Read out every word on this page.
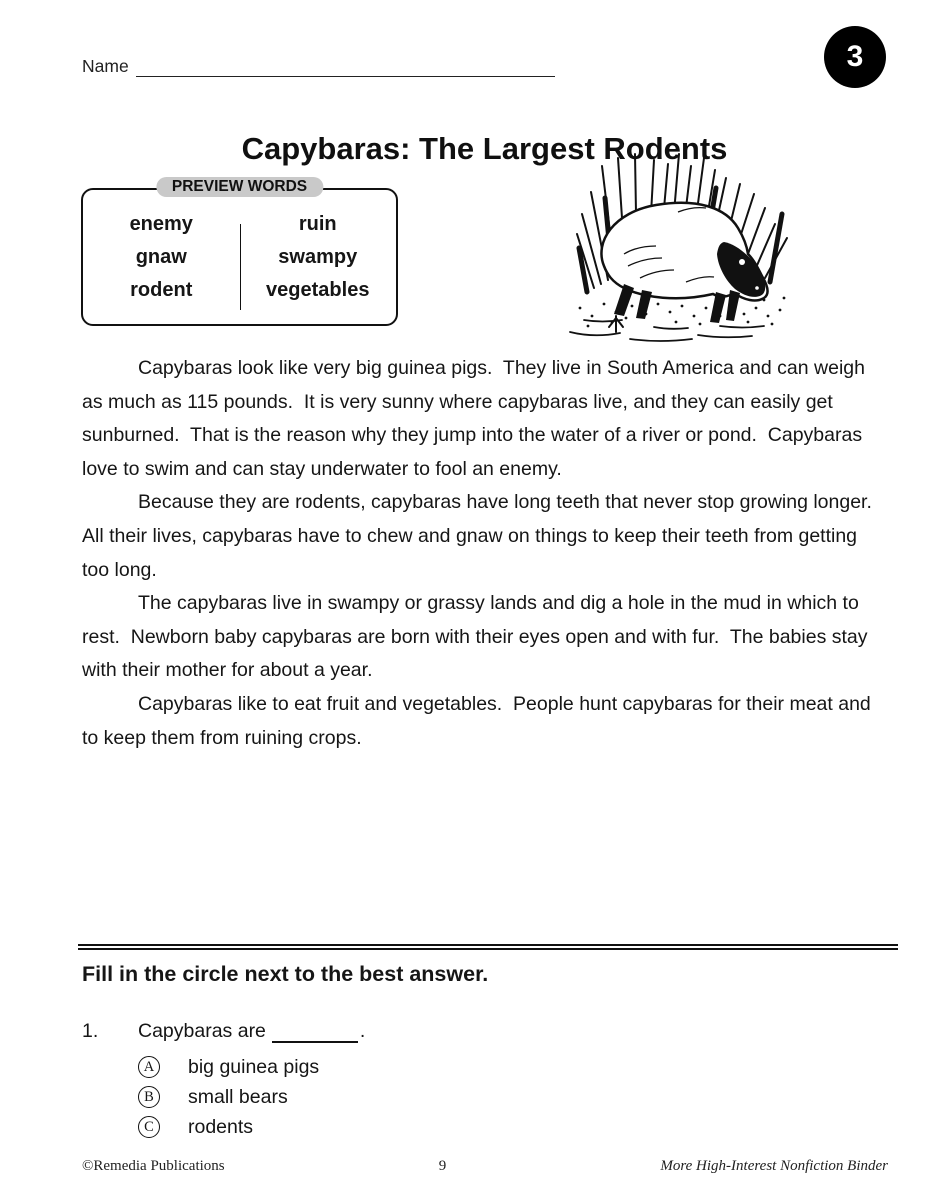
Name	3
Capybaras: The Largest Rodents
PREVIEW WORDS
enemy
gnaw
rodent
ruin
swampy
vegetables

Capybaras look like very big guinea pigs.  They live in South America and can weigh as much as 115 pounds.  It is very sunny where capybaras live, and they can easily get sunburned.  That is the reason why they jump into the water of a river or pond.  Capybaras love to swim and can stay underwater to fool an enemy.

Because they are rodents, capybaras have long teeth that never stop growing longer.  All their lives, capybaras have to chew and gnaw on things to keep their teeth from getting too long.

The capybaras live in swampy or grassy lands and dig a hole in the mud in which to rest.  Newborn baby capybaras are born with their eyes open and with fur.  The babies stay with their mother for about a year.

Capybaras like to eat fruit and vegetables.  People hunt capybaras for their meat and to keep them from ruining crops.

Fill in the circle next to the best answer.
1.	Capybaras are	.
A big guinea pigs
B small bears
C rodents
©Remedia Publications	9	More High-Interest Nonfiction Binder
